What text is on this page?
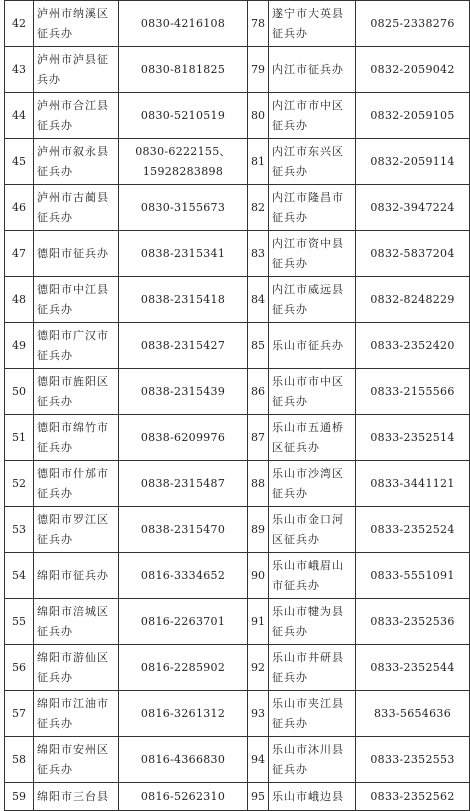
42	泸州市纳溪区征兵办	0830-4216108	78	遂宁市大英县征兵办	0825-2338276

43	泸州市泸县征兵办	0830-8181825	79	内江市征兵办	0832-2059042

44	泸州市合江县征兵办	0830-5210519	80	内江市市中区征兵办	0832-2059105

45	泸州市叙永县征兵办	0830-6222155、
15928283898	81	内江市东兴区征兵办	0832-2059114

46	泸州市古蔺县征兵办	0830-3155673	82	内江市隆昌市征兵办	0832-3947224

47	德阳市征兵办	0838-2315341	83	内江市资中县征兵办	0832-5837204

48	德阳市中江县征兵办	0838-2315418	84	内江市威远县征兵办	0832-8248229

49	德阳市广汉市征兵办	0838-2315427	85	乐山市征兵办	0833-2352420

50	德阳市旌阳区征兵办	0838-2315439	86	乐山市市中区征兵办	0833-2155566

51	德阳市绵竹市征兵办	0838-6209976	87	乐山市五通桥区征兵办	0833-2352514

52	德阳市什邡市征兵办	0838-2315487	88	乐山市沙湾区征兵办	0833-3441121

53	德阳市罗江区征兵办	0838-2315470	89	乐山市金口河区征兵办	0833-2352524

54	绵阳市征兵办	0816-3334652	90	乐山市峨眉山市征兵办	0833-5551091

55	绵阳市涪城区征兵办	0816-2263701	91	乐山市犍为县征兵办	0833-2352536

56	绵阳市游仙区征兵办	0816-2285902	92	乐山市井研县征兵办	0833-2352544

57	绵阳市江油市征兵办	0816-3261312	93	乐山市夹江县征兵办	833-5654636

58	绵阳市安州区征兵办	0816-4366830	94	乐山市沐川县征兵办	0833-2352553

59	绵阳市三台县	0816-5262310	95	乐山市峨边县	0833-2352562
